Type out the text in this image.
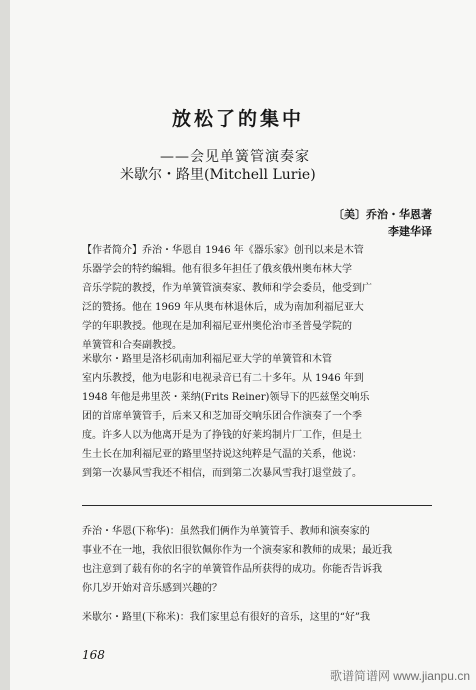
放松了的集中
——会见单簧管演奏家
米歇尔・路里(Mitchell Lurie)
〔美〕乔治・华恩著
李建华译
【作者简介】乔治・华恩自 1946 年《器乐家》创刊以来是木管
乐器学会的特约编辑。他有很多年担任了俄亥俄州奥布林大学
音乐学院的教授，作为单簧管演奏家、教师和学会委员，他受到广
泛的赞扬。他在 1969 年从奥布林退休后，成为南加利福尼亚大
学的年职教授。他现在是加利福尼亚州奥伦治市圣普曼学院的
单簧管和合奏副教授。
米歇尔・路里是洛杉矶南加利福尼亚大学的单簧管和木管
室内乐教授，他为电影和电视录音已有二十多年。从 1946 年到
1948 年他是弗里茨・莱纳(Frits Reiner)领导下的匹兹堡交响乐
团的首席单簧管手，后来又和芝加哥交响乐团合作演奏了一个季
度。许多人以为他离开是为了挣钱的好莱坞制片厂工作，但是土
生土长在加利福尼亚的路里坚持说这纯粹是气温的关系，他说：
到第一次暴风雪我还不相信，而到第二次暴风雪我打退堂鼓了。
乔治・华恩(下称华)：虽然我们俩作为单簧管手、教师和演奏家的
事业不在一地，我依旧很钦佩你作为一个演奏家和教师的成果；最近我
也注意到了载有你的名字的单簧管作品所获得的成功。你能否告诉我
你几岁开始对音乐感到兴趣的？
米歇尔・路里(下称米)：我们家里总有很好的音乐，这里的“好”我
168
歌谱简谱网 www.jianpu.cn
